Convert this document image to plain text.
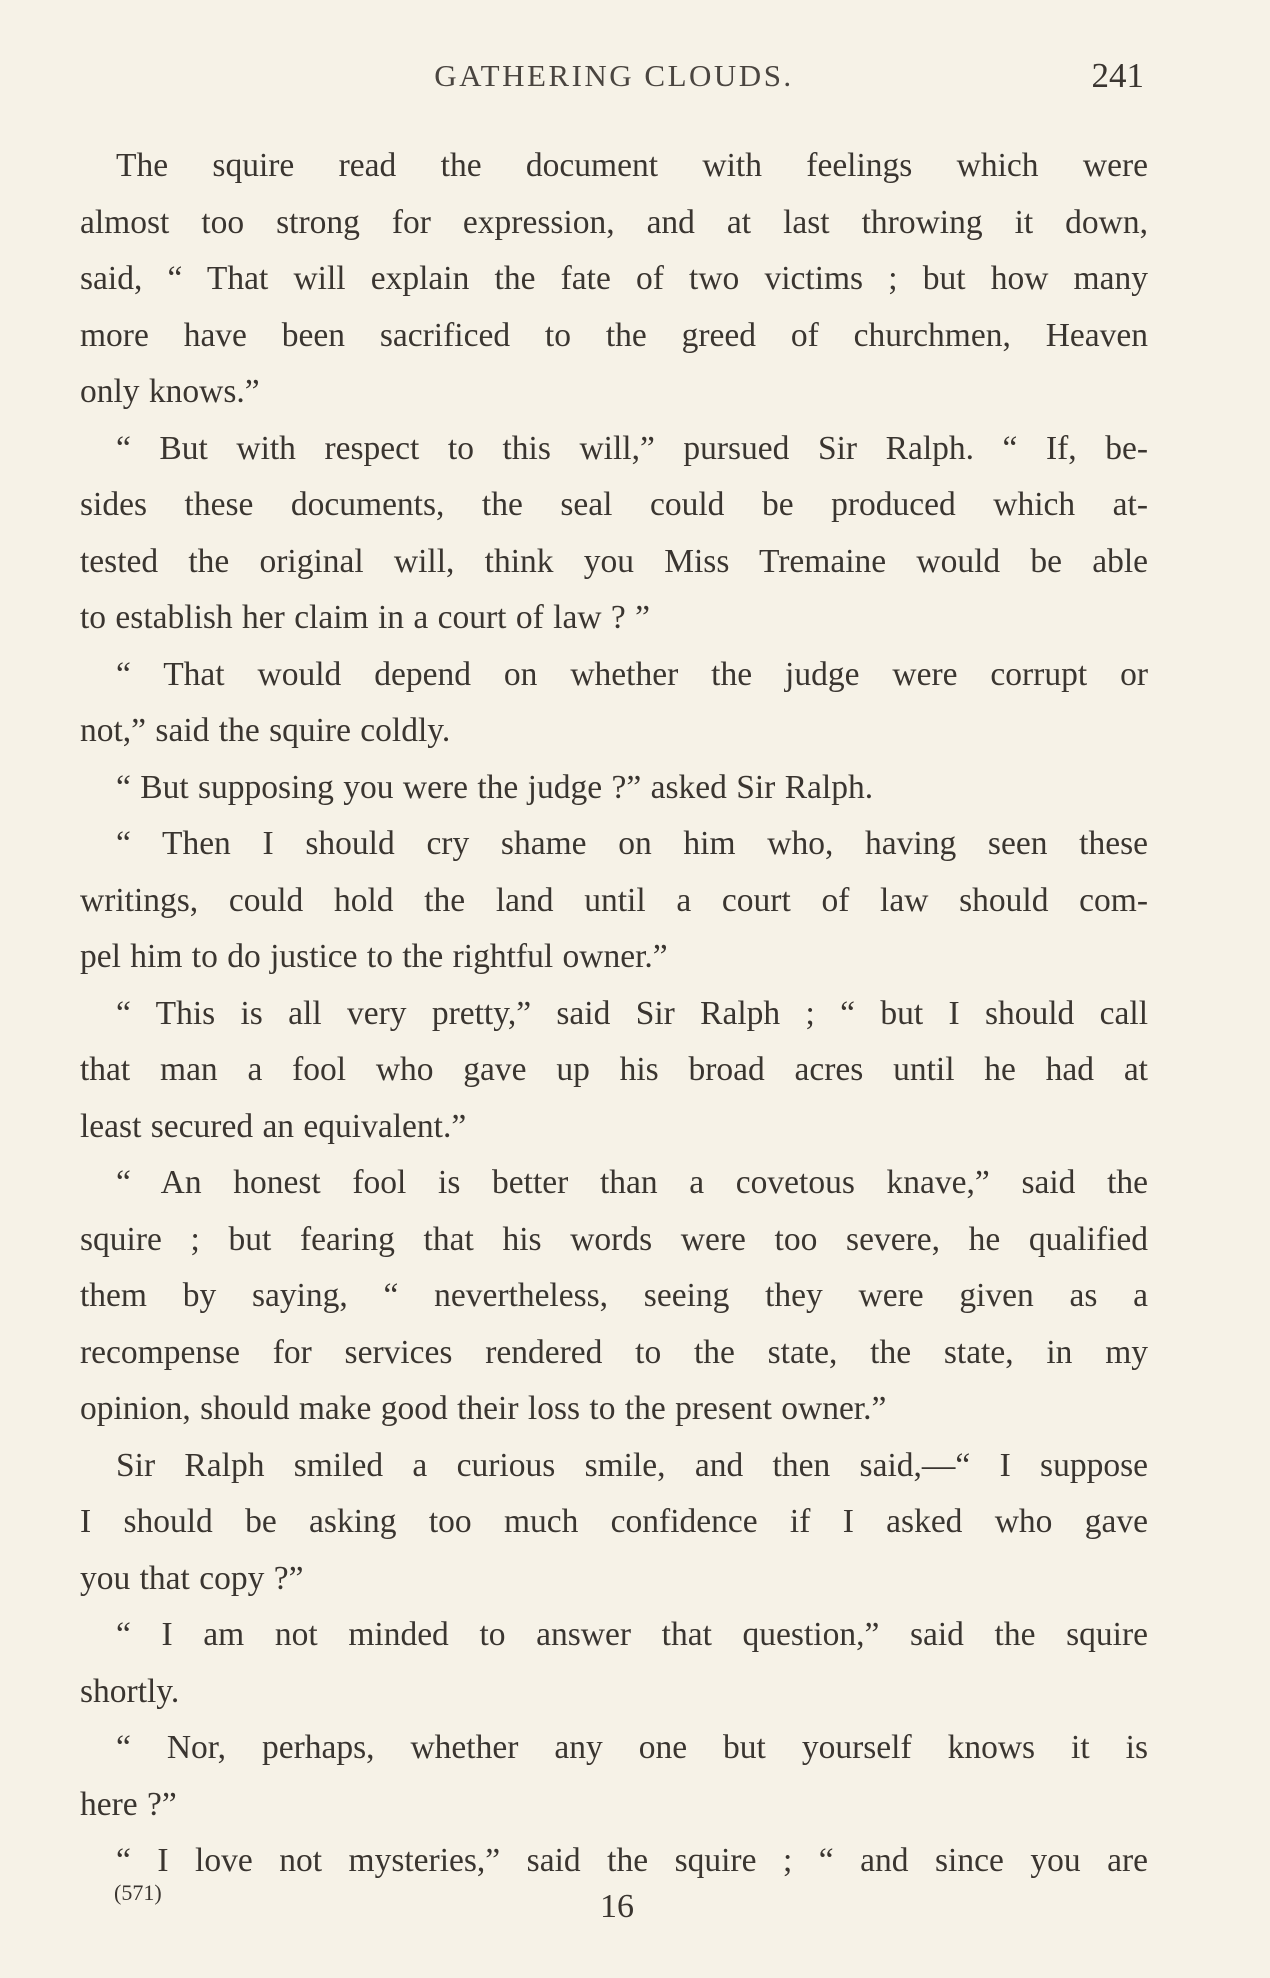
GATHERING CLOUDS.	241
The squire read the document with feelings which were
almost too strong for expression, and at last throwing it down,
said, “ That will explain the fate of two victims ; but how many
more have been sacrificed to the greed of churchmen, Heaven
only knows.”
“ But with respect to this will,” pursued Sir Ralph. “ If, be-
sides these documents, the seal could be produced which at-
tested the original will, think you Miss Tremaine would be able
to establish her claim in a court of law ? ”
“ That would depend on whether the judge were corrupt or
not,” said the squire coldly.
“ But supposing you were the judge ?” asked Sir Ralph.
“ Then I should cry shame on him who, having seen these
writings, could hold the land until a court of law should com-
pel him to do justice to the rightful owner.”
“ This is all very pretty,” said Sir Ralph ; “ but I should call
that man a fool who gave up his broad acres until he had at
least secured an equivalent.”
“ An honest fool is better than a covetous knave,” said the
squire ; but fearing that his words were too severe, he qualified
them by saying, “ nevertheless, seeing they were given as a
recompense for services rendered to the state, the state, in my
opinion, should make good their loss to the present owner.”
Sir Ralph smiled a curious smile, and then said,—“ I suppose
I should be asking too much confidence if I asked who gave
you that copy ?”
“ I am not minded to answer that question,” said the squire
shortly.
“ Nor, perhaps, whether any one but yourself knows it is
here ?”
“ I love not mysteries,” said the squire ; “ and since you are
(571)	16
